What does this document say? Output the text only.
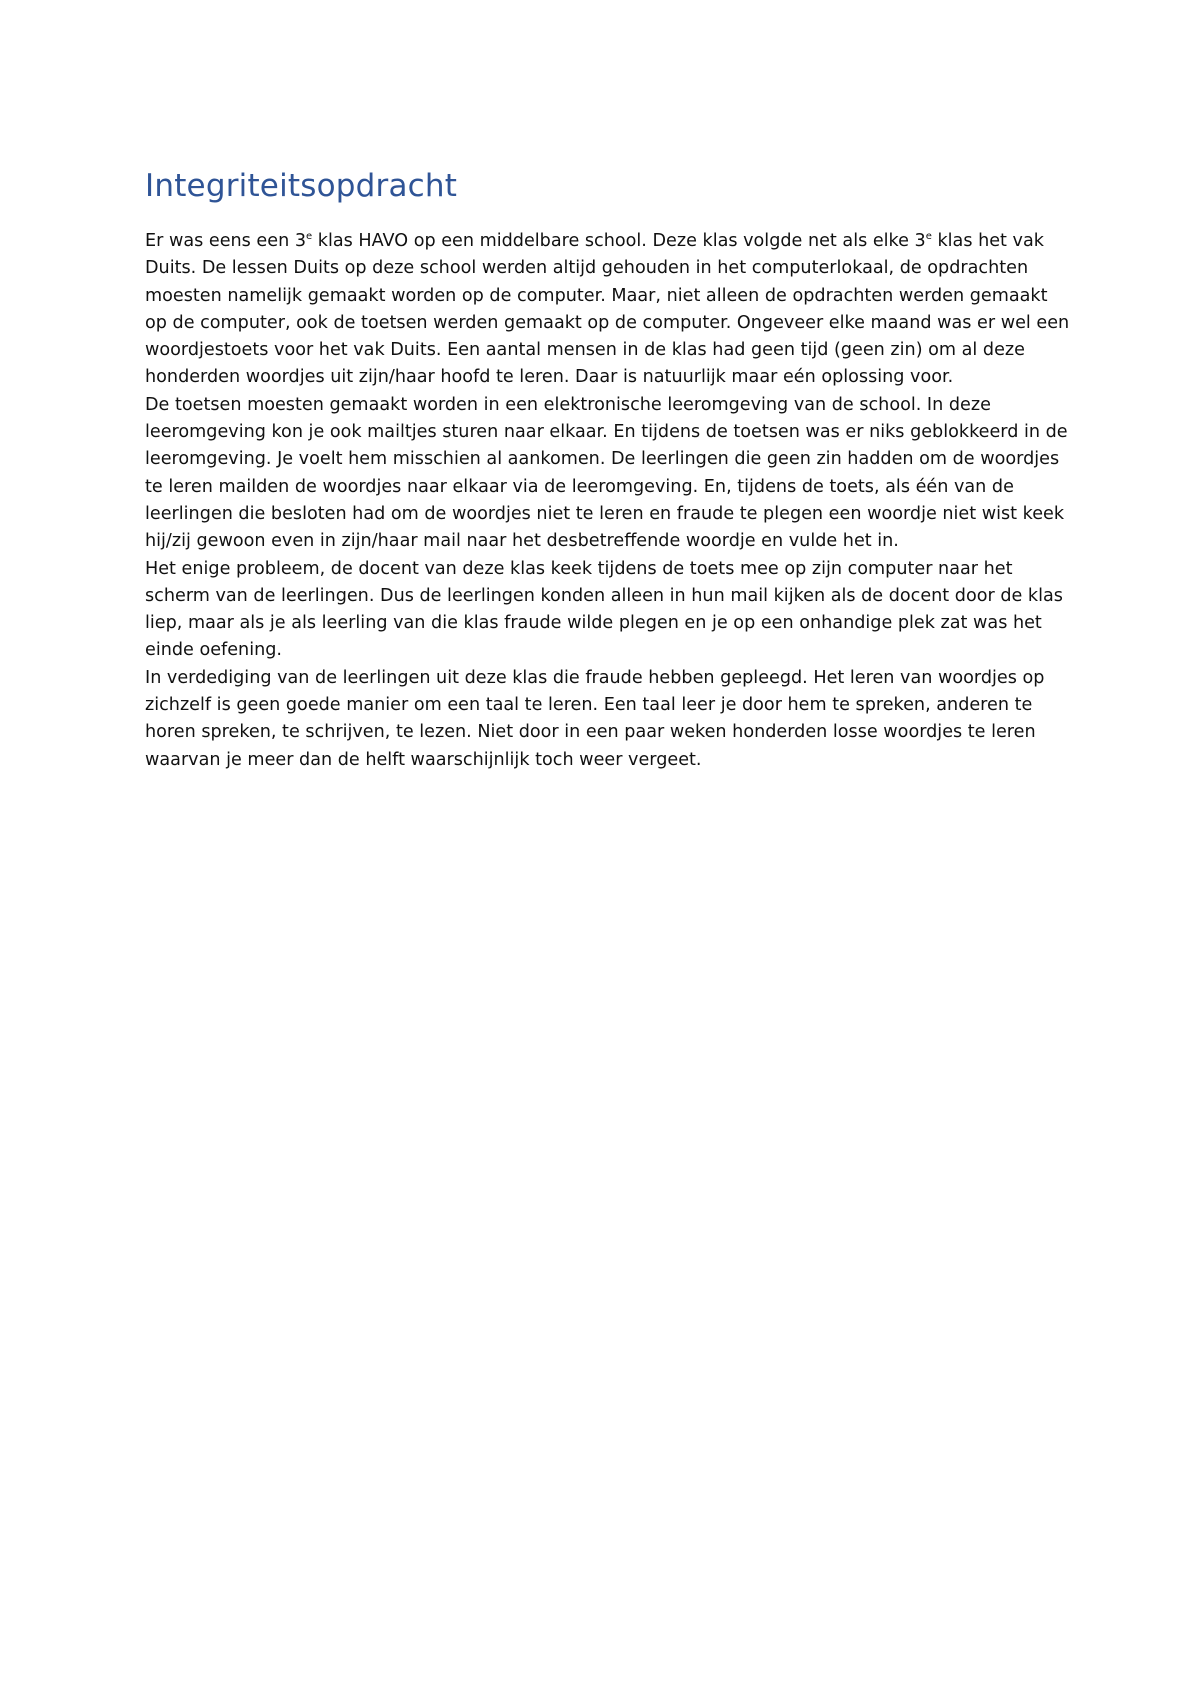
Integriteitsopdracht

Er was eens een 3e klas HAVO op een middelbare school. Deze klas volgde net als elke 3e klas het vak Duits. De lessen Duits op deze school werden altijd gehouden in het computerlokaal, de opdrachten moesten namelijk gemaakt worden op de computer. Maar, niet alleen de opdrachten werden gemaakt op de computer, ook de toetsen werden gemaakt op de computer. Ongeveer elke maand was er wel een woordjestoets voor het vak Duits. Een aantal mensen in de klas had geen tijd (geen zin) om al deze honderden woordjes uit zijn/haar hoofd te leren. Daar is natuurlijk maar eén oplossing voor.

De toetsen moesten gemaakt worden in een elektronische leeromgeving van de school. In deze leeromgeving kon je ook mailtjes sturen naar elkaar. En tijdens de toetsen was er niks geblokkeerd in de leeromgeving. Je voelt hem misschien al aankomen. De leerlingen die geen zin hadden om de woordjes te leren mailden de woordjes naar elkaar via de leeromgeving. En, tijdens de toets, als één van de leerlingen die besloten had om de woordjes niet te leren en fraude te plegen een woordje niet wist keek hij/zij gewoon even in zijn/haar mail naar het desbetreffende woordje en vulde het in.

Het enige probleem, de docent van deze klas keek tijdens de toets mee op zijn computer naar het scherm van de leerlingen. Dus de leerlingen konden alleen in hun mail kijken als de docent door de klas liep, maar als je als leerling van die klas fraude wilde plegen en je op een onhandige plek zat was het einde oefening.

In verdediging van de leerlingen uit deze klas die fraude hebben gepleegd. Het leren van woordjes op zichzelf is geen goede manier om een taal te leren. Een taal leer je door hem te spreken, anderen te horen spreken, te schrijven, te lezen. Niet door in een paar weken honderden losse woordjes te leren waarvan je meer dan de helft waarschijnlijk toch weer vergeet.
